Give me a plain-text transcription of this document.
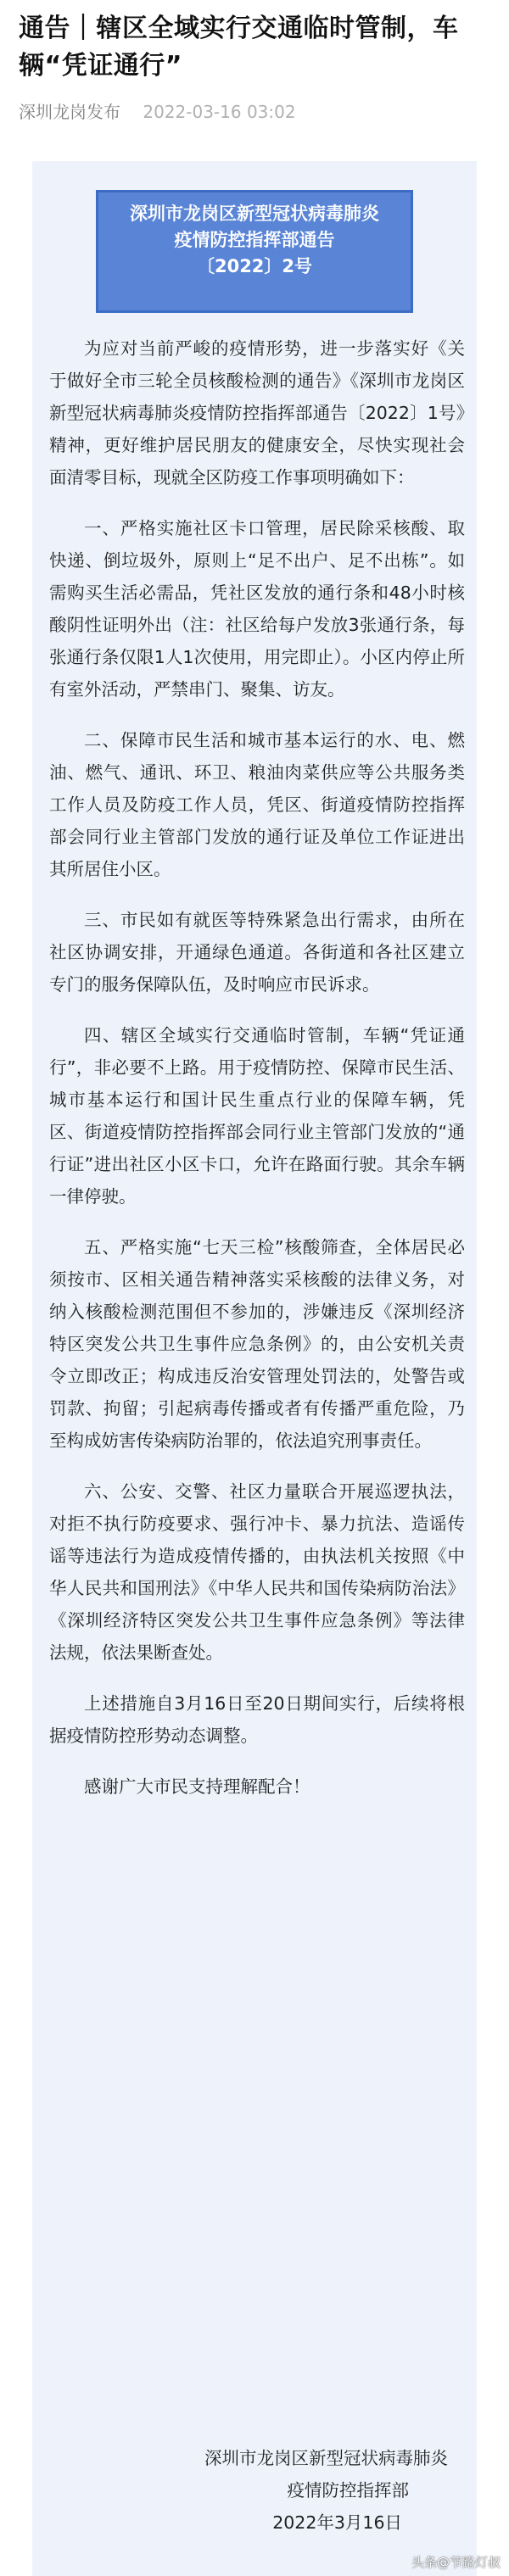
通告｜辖区全域实行交通临时管制，车辆“凭证通行”
深圳龙岗发布 2022-03-16 03:02
深圳市龙岗区新型冠状病毒肺炎
疫情防控指挥部通告
〔2022〕2号

为应对当前严峻的疫情形势，进一步落实好《关于做好全市三轮全员核酸检测的通告》《深圳市龙岗区新型冠状病毒肺炎疫情防控指挥部通告〔2022〕1号》精神，更好维护居民朋友的健康安全，尽快实现社会面清零目标，现就全区防疫工作事项明确如下：

一、严格实施社区卡口管理，居民除采核酸、取快递、倒垃圾外，原则上“足不出户、足不出栋”。如需购买生活必需品，凭社区发放的通行条和48小时核酸阴性证明外出（注：社区给每户发放3张通行条，每张通行条仅限1人1次使用，用完即止）。小区内停止所有室外活动，严禁串门、聚集、访友。

二、保障市民生活和城市基本运行的水、电、燃油、燃气、通讯、环卫、粮油肉菜供应等公共服务类工作人员及防疫工作人员，凭区、街道疫情防控指挥部会同行业主管部门发放的通行证及单位工作证进出其所居住小区。

三、市民如有就医等特殊紧急出行需求，由所在社区协调安排，开通绿色通道。各街道和各社区建立专门的服务保障队伍，及时响应市民诉求。

四、辖区全域实行交通临时管制，车辆“凭证通行”，非必要不上路。用于疫情防控、保障市民生活、城市基本运行和国计民生重点行业的保障车辆，凭区、街道疫情防控指挥部会同行业主管部门发放的“通行证”进出社区小区卡口，允许在路面行驶。其余车辆一律停驶。

五、严格实施“七天三检”核酸筛查，全体居民必须按市、区相关通告精神落实采核酸的法律义务，对纳入核酸检测范围但不参加的，涉嫌违反《深圳经济特区突发公共卫生事件应急条例》的，由公安机关责令立即改正；构成违反治安管理处罚法的，处警告或罚款、拘留；引起病毒传播或者有传播严重危险，乃至构成妨害传染病防治罪的，依法追究刑事责任。

六、公安、交警、社区力量联合开展巡逻执法，对拒不执行防疫要求、强行冲卡、暴力抗法、造谣传谣等违法行为造成疫情传播的，由执法机关按照《中华人民共和国刑法》《中华人民共和国传染病防治法》《深圳经济特区突发公共卫生事件应急条例》等法律法规，依法果断查处。

上述措施自3月16日至20日期间实行，后续将根据疫情防控形势动态调整。

感谢广大市民支持理解配合！

深圳市龙岗区新型冠状病毒肺炎
疫情防控指挥部
2022年3月16日
头条@节路灯叔
